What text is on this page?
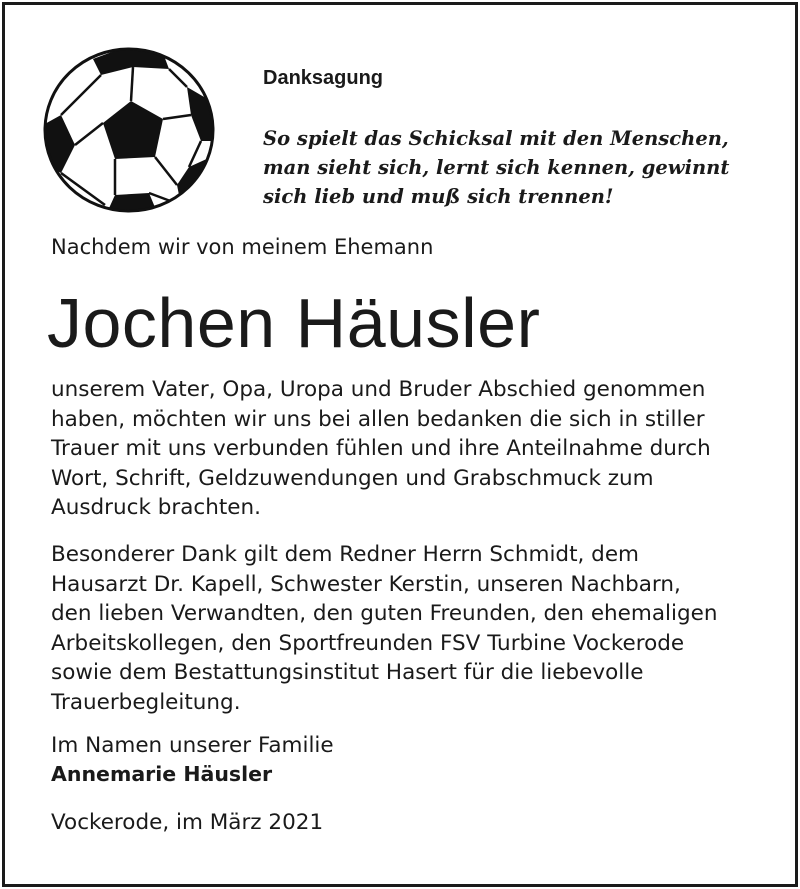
Danksagung
So spielt das Schicksal mit den Menschen,
man sieht sich, lernt sich kennen, gewinnt
sich lieb und muß sich trennen!
Nachdem wir von meinem Ehemann
Jochen Häusler
unserem Vater, Opa, Uropa und Bruder Abschied genommen
haben, möchten wir uns bei allen bedanken die sich in stiller
Trauer mit uns verbunden fühlen und ihre Anteilnahme durch
Wort, Schrift, Geldzuwendungen und Grabschmuck zum
Ausdruck brachten.
Besonderer Dank gilt dem Redner Herrn Schmidt, dem
Hausarzt Dr. Kapell, Schwester Kerstin, unseren Nachbarn,
den lieben Verwandten, den guten Freunden, den ehemaligen
Arbeitskollegen, den Sportfreunden FSV Turbine Vockerode
sowie dem Bestattungsinstitut Hasert für die liebevolle
Trauerbegleitung.
Im Namen unserer Familie
Annemarie Häusler
Vockerode, im März 2021
